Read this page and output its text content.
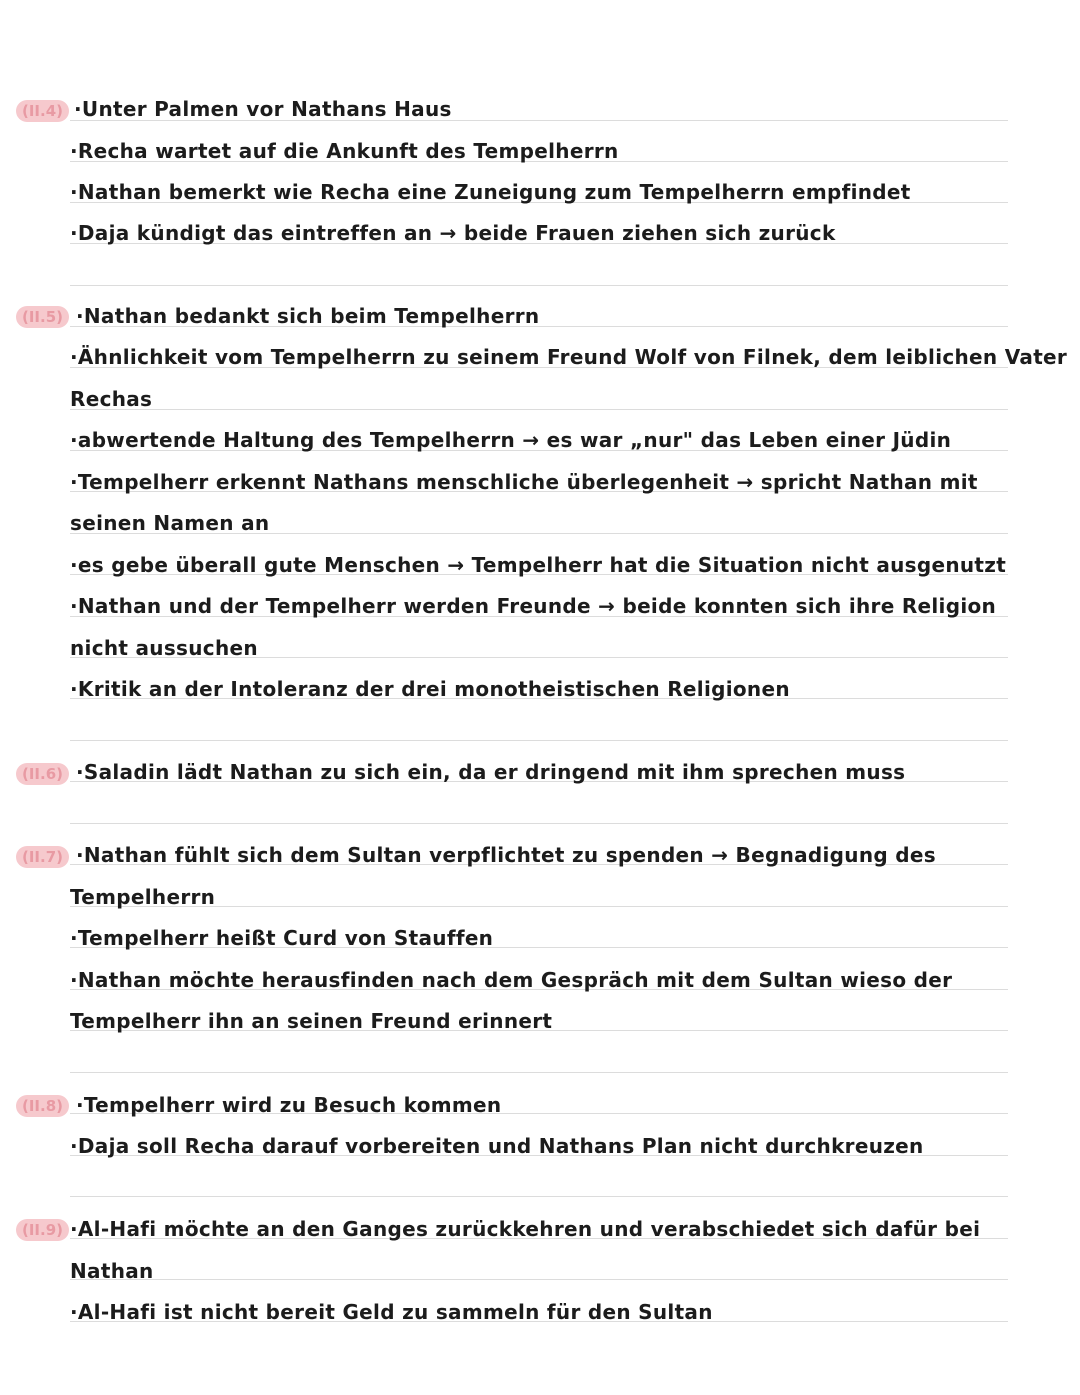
(II.4) ·Unter Palmen vor Nathans Haus
·Recha wartet auf die Ankunft des Tempelherrn
·Nathan bemerkt wie Recha eine Zuneigung zum Tempelherrn empfindet
·Daja kündigt das eintreffen an → beide Frauen ziehen sich zurück
(II.5) ·Nathan bedankt sich beim Tempelherrn
·Ähnlichkeit vom Tempelherrn zu seinem Freund Wolf von Filnek, dem leiblichen Vater
Rechas
·abwertende Haltung des Tempelherrn → es war „nur" das Leben einer Jüdin
·Tempelherr erkennt Nathans menschliche überlegenheit → spricht Nathan mit
seinen Namen an
·es gebe überall gute Menschen → Tempelherr hat die Situation nicht ausgenutzt
·Nathan und der Tempelherr werden Freunde → beide konnten sich ihre Religion
nicht aussuchen
·Kritik an der Intoleranz der drei monotheistischen Religionen
(II.6) ·Saladin lädt Nathan zu sich ein, da er dringend mit ihm sprechen muss
(II.7) ·Nathan fühlt sich dem Sultan verpflichtet zu spenden → Begnadigung des
Tempelherrn
·Tempelherr heißt Curd von Stauffen
·Nathan möchte herausfinden nach dem Gespräch mit dem Sultan wieso der
Tempelherr ihn an seinen Freund erinnert
(II.8) ·Tempelherr wird zu Besuch kommen
·Daja soll Recha darauf vorbereiten und Nathans Plan nicht durchkreuzen
(II.9) ·Al-Hafi möchte an den Ganges zurückkehren und verabschiedet sich dafür bei
Nathan
·Al-Hafi ist nicht bereit Geld zu sammeln für den Sultan
